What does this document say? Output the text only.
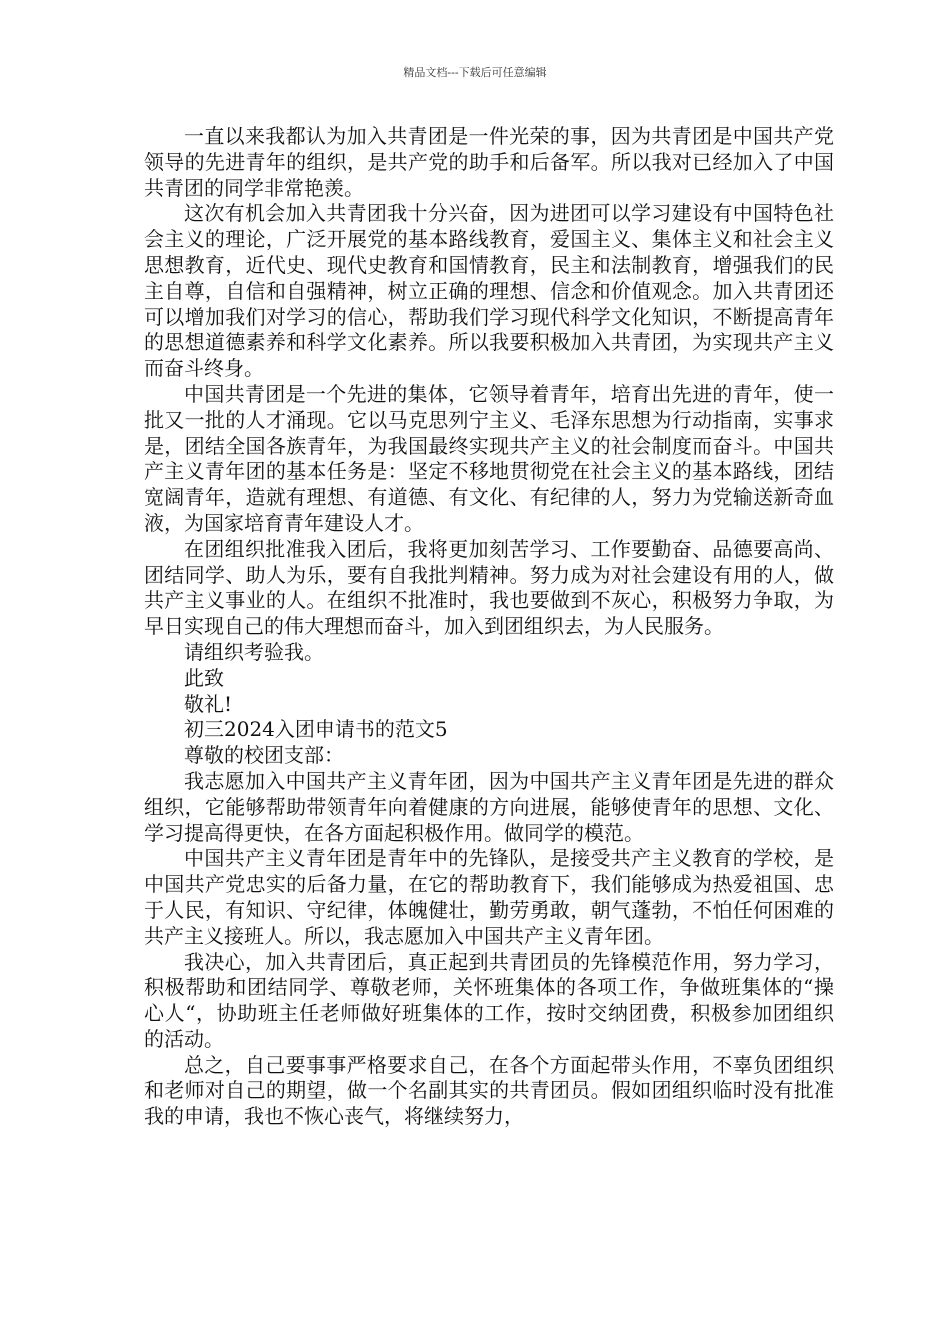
精品文档---下载后可任意编辑

一直以来我都认为加入共青团是一件光荣的事，因为共青团是中国共产党领导的先进青年的组织，是共产党的助手和后备军。所以我对已经加入了中国共青团的同学非常艳羡。

这次有机会加入共青团我十分兴奋，因为进团可以学习建设有中国特色社会主义的理论，广泛开展党的基本路线教育，爱国主义、集体主义和社会主义思想教育，近代史、现代史教育和国情教育，民主和法制教育，增强我们的民主自尊，自信和自强精神，树立正确的理想、信念和价值观念。加入共青团还可以增加我们对学习的信心，帮助我们学习现代科学文化知识，不断提高青年的思想道德素养和科学文化素养。所以我要积极加入共青团，为实现共产主义而奋斗终身。

中国共青团是一个先进的集体，它领导着青年，培育出先进的青年，使一批又一批的人才涌现。它以马克思列宁主义、毛泽东思想为行动指南，实事求是，团结全国各族青年，为我国最终实现共产主义的社会制度而奋斗。中国共产主义青年团的基本任务是：坚定不移地贯彻党在社会主义的基本路线，团结宽阔青年，造就有理想、有道德、有文化、有纪律的人，努力为党输送新奇血液，为国家培育青年建设人才。

在团组织批准我入团后，我将更加刻苦学习、工作要勤奋、品德要高尚、团结同学、助人为乐，要有自我批判精神。努力成为对社会建设有用的人，做共产主义事业的人。在组织不批准时，我也要做到不灰心，积极努力争取，为早日实现自己的伟大理想而奋斗，加入到团组织去，为人民服务。

请组织考验我。

此致

敬礼!

初三2024入团申请书的范文5

尊敬的校团支部：

我志愿加入中国共产主义青年团，因为中国共产主义青年团是先进的群众组织，它能够帮助带领青年向着健康的方向进展，能够使青年的思想、文化、学习提高得更快，在各方面起积极作用。做同学的模范。

中国共产主义青年团是青年中的先锋队，是接受共产主义教育的学校，是中国共产党忠实的后备力量，在它的帮助教育下，我们能够成为热爱祖国、忠于人民，有知识、守纪律，体魄健壮，勤劳勇敢，朝气蓬勃，不怕任何困难的共产主义接班人。所以，我志愿加入中国共产主义青年团。

我决心，加入共青团后，真正起到共青团员的先锋模范作用，努力学习，积极帮助和团结同学、尊敬老师，关怀班集体的各项工作，争做班集体的“操心人“，协助班主任老师做好班集体的工作，按时交纳团费，积极参加团组织的活动。

总之，自己要事事严格要求自己，在各个方面起带头作用，不辜负团组织和老师对自己的期望，做一个名副其实的共青团员。假如团组织临时没有批准我的申请，我也不恢心丧气，将继续努力，
